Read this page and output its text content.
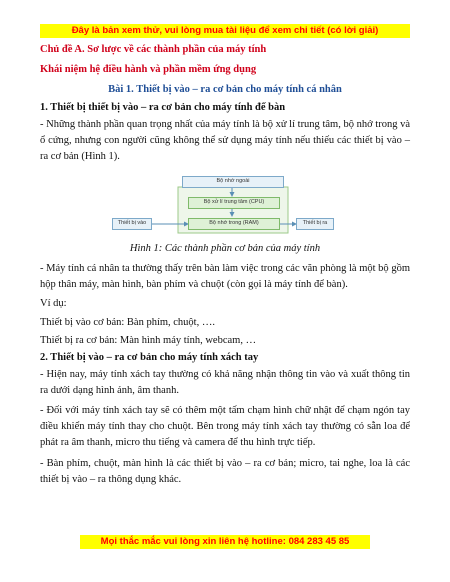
Đây là bản xem thử, vui lòng mua tài liệu để xem chi tiết (có lời giải)
Chủ đề A. Sơ lược về các thành phần của máy tính
Khái niệm hệ điều hành và phần mềm ứng dụng
Bài 1. Thiết bị vào – ra cơ bản cho máy tính cá nhân
1. Thiết bị thiết bị vào – ra cơ bản cho máy tính để bàn
- Những thành phần quan trọng nhất của máy tính là bộ xử lí trung tâm, bộ nhớ trong và ổ cứng, nhưng con người cũng không thể sử dụng máy tính nếu thiếu các thiết bị vào – ra cơ bản (Hình 1).
Bộ nhớ ngoài
Bộ xử lí trung tâm (CPU)
Bộ nhớ trong (RAM)
Thiết bị vào	Thiết bị ra
Hình 1: Các thành phần cơ bản của máy tính
- Máy tính cá nhân ta thường thấy trên bàn làm việc trong các văn phòng là một bộ gồm hộp thân máy, màn hình, bàn phím và chuột (còn gọi là máy tính để bàn).
Ví dụ:
Thiết bị vào cơ bản: Bàn phím, chuột, ….
Thiết bị ra cơ bản: Màn hình máy tính, webcam, …
2. Thiết bị vào – ra cơ bản cho máy tính xách tay
- Hiện nay, máy tính xách tay thường có khả năng nhận thông tin vào và xuất thông tin ra dưới dạng hình ảnh, âm thanh.
- Đối với máy tính xách tay sẽ có thêm một tấm chạm hình chữ nhật để chạm ngón tay điều khiển máy tính thay cho chuột. Bên trong máy tính xách tay thường có sẵn loa để phát ra âm thanh, micro thu tiếng và camera để thu hình trực tiếp.
- Bàn phím, chuột, màn hình là các thiết bị vào – ra cơ bản; micro, tai nghe, loa là các thiết bị vào – ra thông dụng khác.
Mọi thắc mắc vui lòng xin liên hệ hotline: 084 283 45 85
